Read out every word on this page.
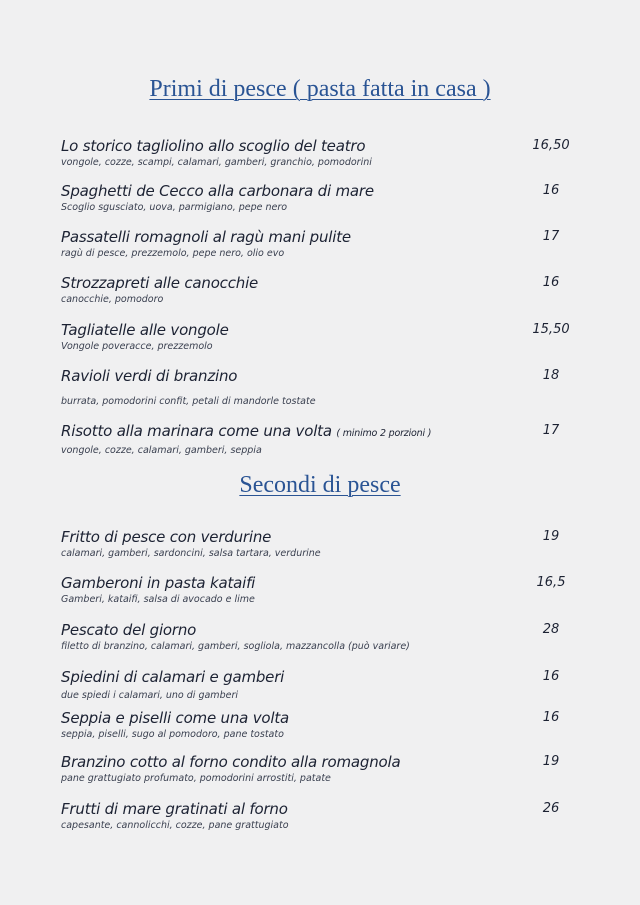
Primi di pesce ( pasta fatta in casa )
Lo storico tagliolino allo scoglio del teatro
vongole, cozze, scampi, calamari, gamberi, granchio, pomodorini
16,50
Spaghetti de Cecco alla carbonara di mare
Scoglio sgusciato, uova, parmigiano, pepe nero
16
Passatelli romagnoli al ragù mani pulite
ragù di pesce, prezzemolo, pepe nero, olio evo
17
Strozzapreti alle canocchie
canocchie, pomodoro
16
Tagliatelle alle vongole
Vongole poveracce, prezzemolo
15,50
Ravioli verdi di branzino
burrata, pomodorini confit, petali di mandorle tostate
18
Risotto alla marinara come una volta ( minimo 2 porzioni )
vongole, cozze, calamari, gamberi, seppia
17
Secondi di pesce
Fritto di pesce con verdurine
calamari, gamberi, sardoncini, salsa tartara, verdurine
19
Gamberoni in pasta kataifi
Gamberi, kataifi, salsa di avocado e lime
16,5
Pescato del giorno
filetto di branzino, calamari, gamberi, sogliola, mazzancolla (può variare)
28
Spiedini di calamari e gamberi
due spiedi i calamari, uno di gamberi
16
Seppia e piselli come una volta
seppia, piselli, sugo al pomodoro, pane tostato
16
Branzino cotto al forno condito alla romagnola
pane grattugiato profumato, pomodorini arrostiti, patate
19
Frutti di mare gratinati al forno
capesante, cannolicchi, cozze, pane grattugiato
26
